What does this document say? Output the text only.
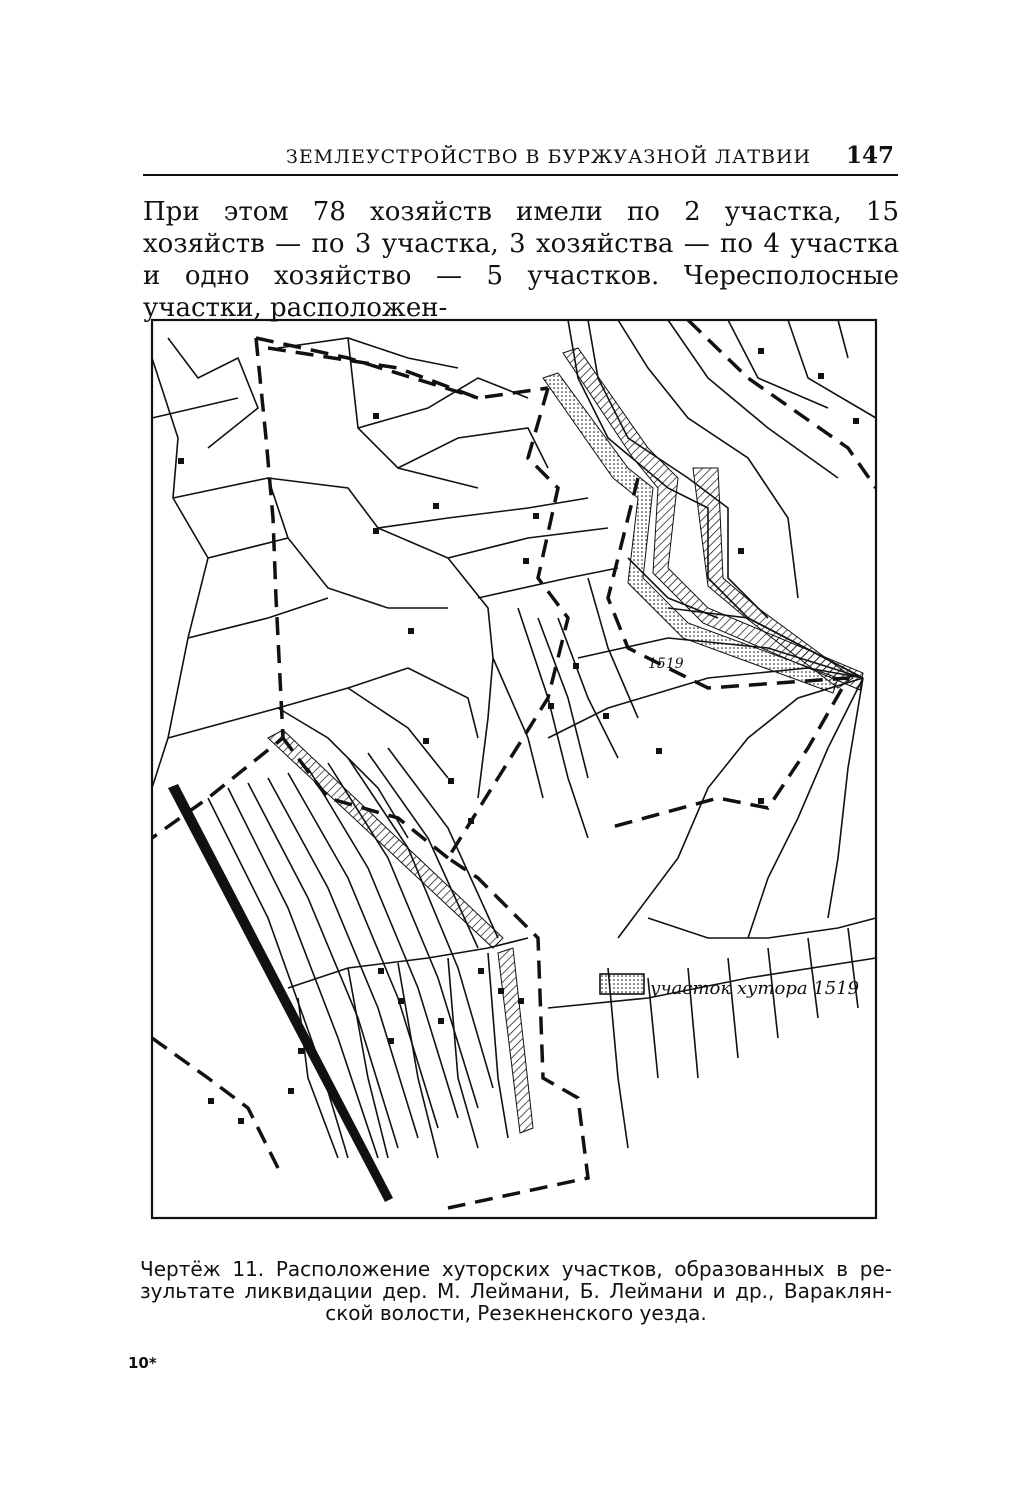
ЗЕМЛЕУСТРОЙСТВО В БУРЖУАЗНОЙ ЛАТВИИ 147

При этом 78 хозяйств имели по 2 участка, 15 хозяйств — по 3 участка, 3 хозяйства — по 4 участка и одно хозяйство — 5 участков. Чересполосные участки, расположен-

1519
участок хутора 1519
Чертёж 11. Расположение хуторских участков, образованных в ре-
зультате ликвидации дер. М. Леймани, Б. Леймани и др., Вараклян-
ской волости, Резекненского уезда.
10*
